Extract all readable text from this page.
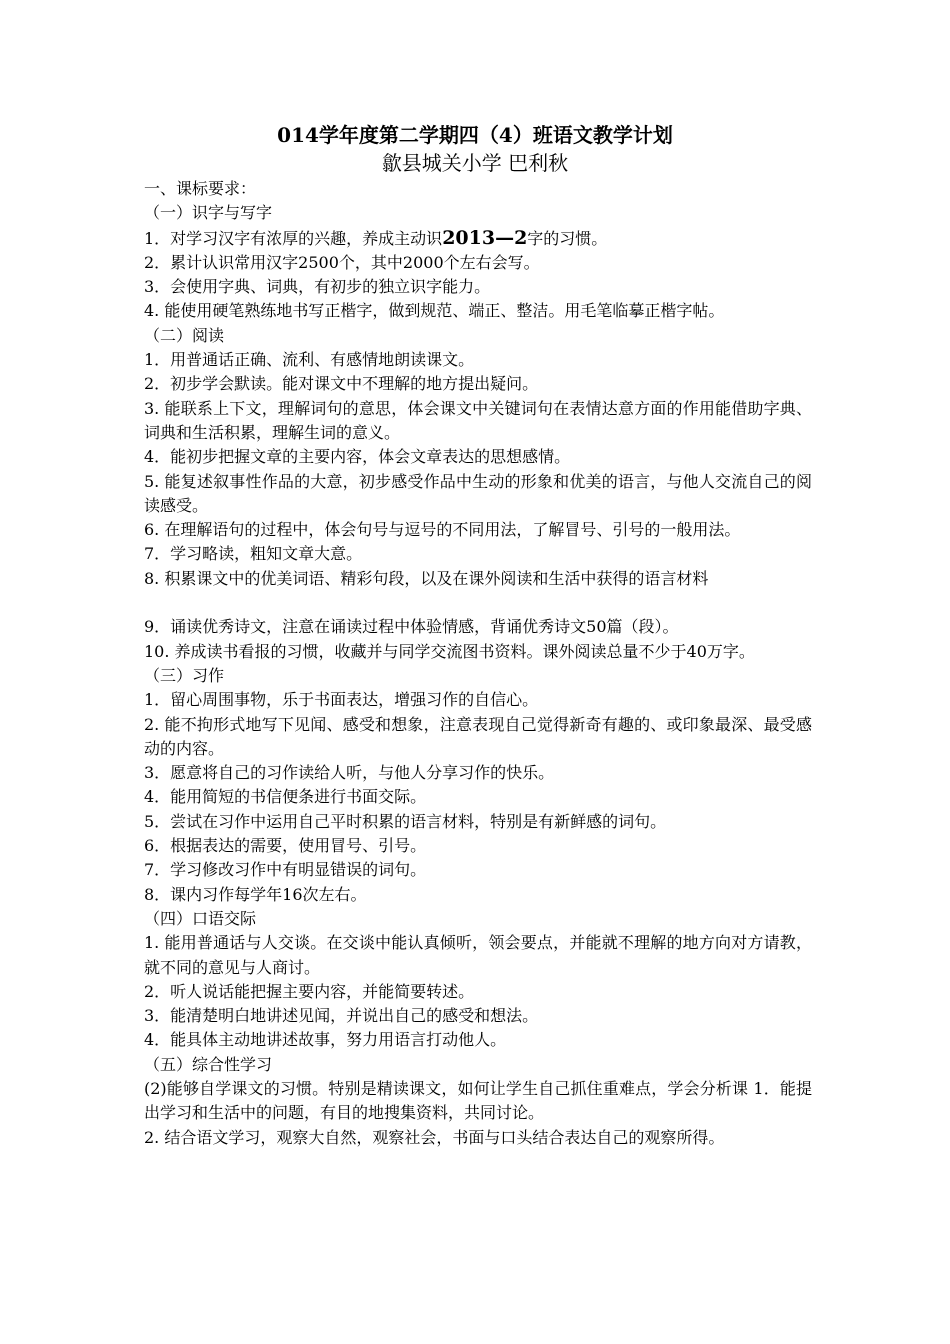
014学年度第二学期四（4）班语文教学计划
歙县城关小学 巴利秋

一、课标要求：

（一）识字与写字

1．对学习汉字有浓厚的兴趣，养成主动识2013—2字的习惯。

2．累计认识常用汉字2500个，其中2000个左右会写。

3．会使用字典、词典，有初步的独立识字能力。

4. 能使用硬笔熟练地书写正楷字，做到规范、端正、整洁。用毛笔临摹正楷字帖。

（二）阅读

1．用普通话正确、流利、有感情地朗读课文。

2．初步学会默读。能对课文中不理解的地方提出疑问。

3. 能联系上下文，理解词句的意思，体会课文中关键词句在表情达意方面的作用能借助字典、词典和生活积累，理解生词的意义。

4．能初步把握文章的主要内容，体会文章表达的思想感情。

5. 能复述叙事性作品的大意，初步感受作品中生动的形象和优美的语言，与他人交流自己的阅读感受。

6. 在理解语句的过程中，体会句号与逗号的不同用法，了解冒号、引号的一般用法。

7．学习略读，粗知文章大意。

8. 积累课文中的优美词语、精彩句段，以及在课外阅读和生活中获得的语言材料

9．诵读优秀诗文，注意在诵读过程中体验情感，背诵优秀诗文50篇（段）。

10. 养成读书看报的习惯，收藏并与同学交流图书资料。课外阅读总量不少于40万字。

（三）习作

1．留心周围事物，乐于书面表达，增强习作的自信心。

2. 能不拘形式地写下见闻、感受和想象，注意表现自己觉得新奇有趣的、或印象最深、最受感动的内容。

3．愿意将自己的习作读给人听，与他人分享习作的快乐。

4．能用简短的书信便条进行书面交际。

5．尝试在习作中运用自己平时积累的语言材料，特别是有新鲜感的词句。

6．根据表达的需要，使用冒号、引号。

7．学习修改习作中有明显错误的词句。

8．课内习作每学年16次左右。

（四）口语交际

1. 能用普通话与人交谈。在交谈中能认真倾听，领会要点，并能就不理解的地方向对方请教，就不同的意见与人商讨。

2．听人说话能把握主要内容，并能简要转述。

3．能清楚明白地讲述见闻，并说出自己的感受和想法。

4．能具体主动地讲述故事，努力用语言打动他人。

（五）综合性学习

(2)能够自学课文的习惯。特别是精读课文，如何让学生自己抓住重难点，学会分析课 1．能提出学习和生活中的问题，有目的地搜集资料，共同讨论。

2. 结合语文学习，观察大自然，观察社会，书面与口头结合表达自己的观察所得。
